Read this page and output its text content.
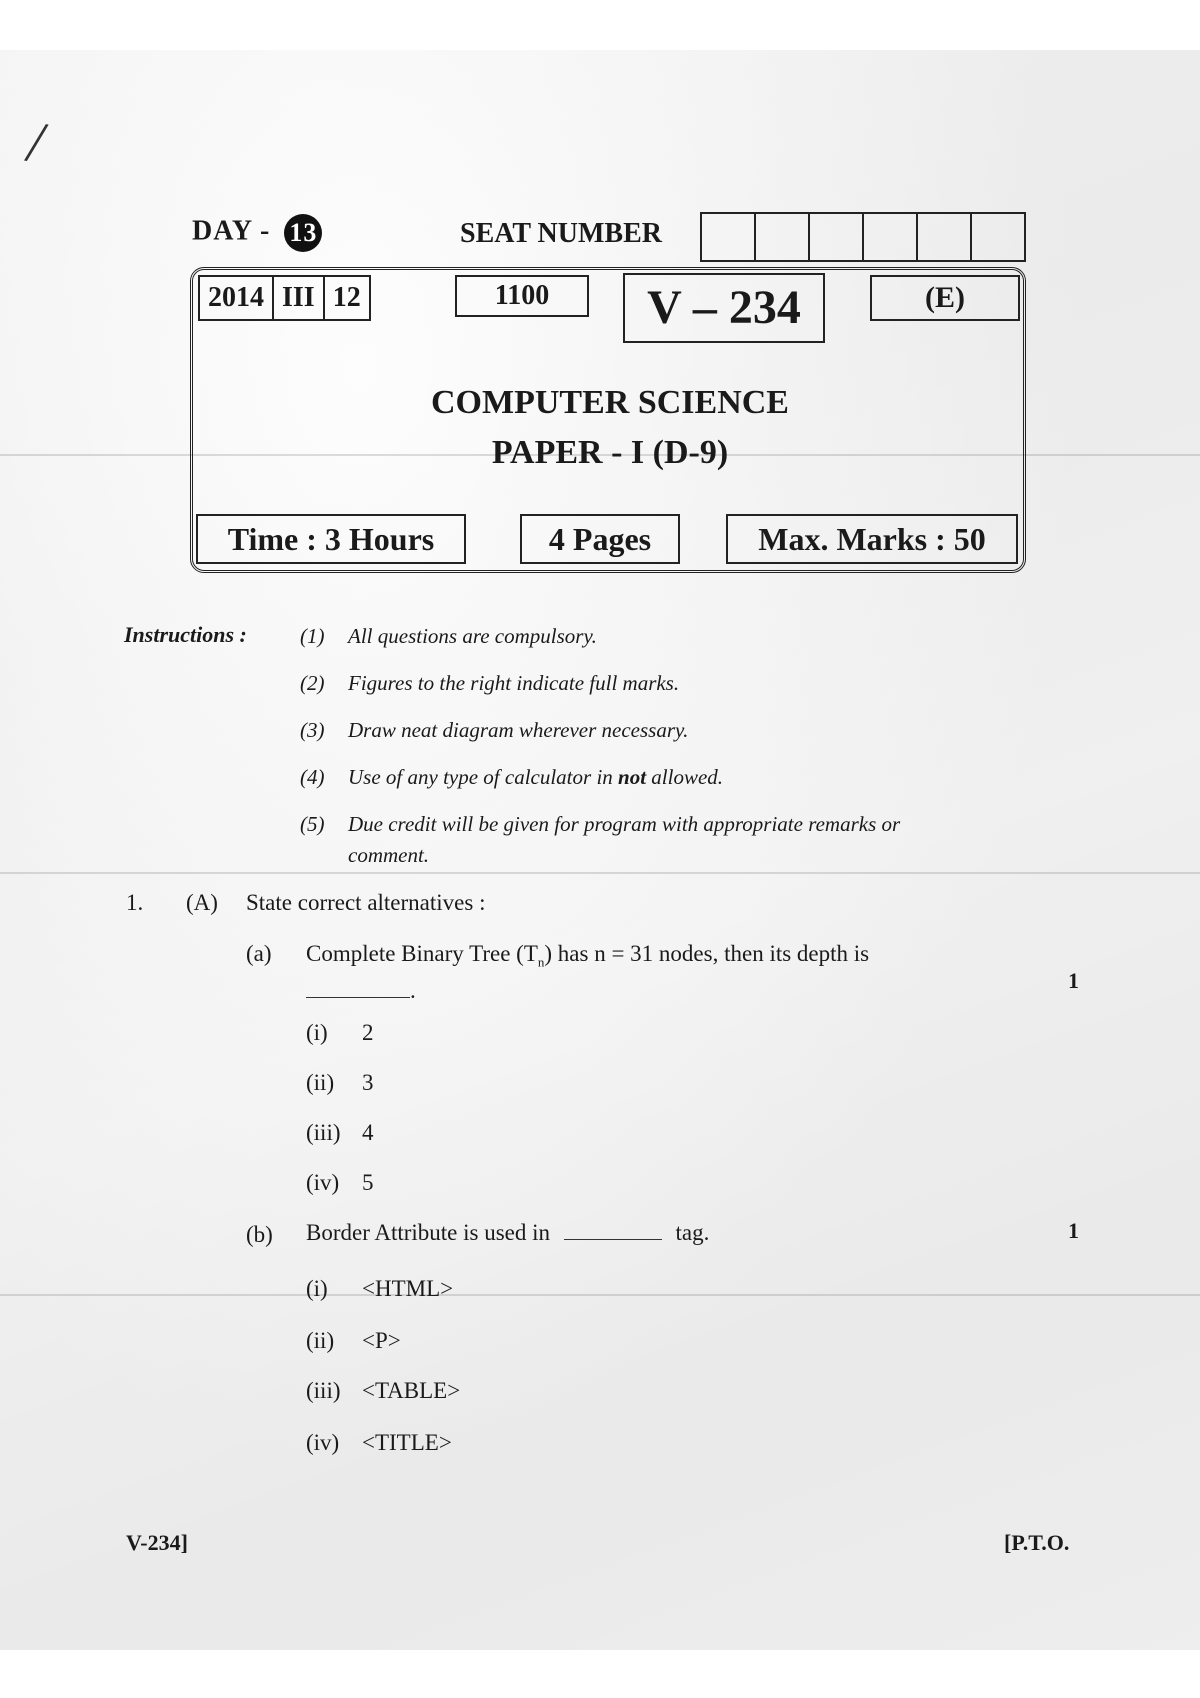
/
DAY - 13	SEAT NUMBER
2014 III 12	1100	V – 234	(E)
COMPUTER SCIENCE
PAPER - I (D-9)
Time : 3 Hours	4 Pages	Max. Marks : 50
Instructions :	(1) All questions are compulsory.
(2) Figures to the right indicate full marks.
(3) Draw neat diagram wherever necessary.
(4) Use of any type of calculator in not allowed.
(5) Due credit will be given for program with appropriate remarks or
comment.
1. (A) State correct alternatives :
(a) Complete Binary Tree $(T_n)$ has n = 31 nodes, then its depth is
.	1
(i) 2
(ii) 3
(iii) 4
(iv) 5
(b) Border Attribute is used in	tag.	1
(i) <HTML>
(ii) <P>
(iii) <TABLE>
(iv) <TITLE>
V-234]	[P.T.O.
